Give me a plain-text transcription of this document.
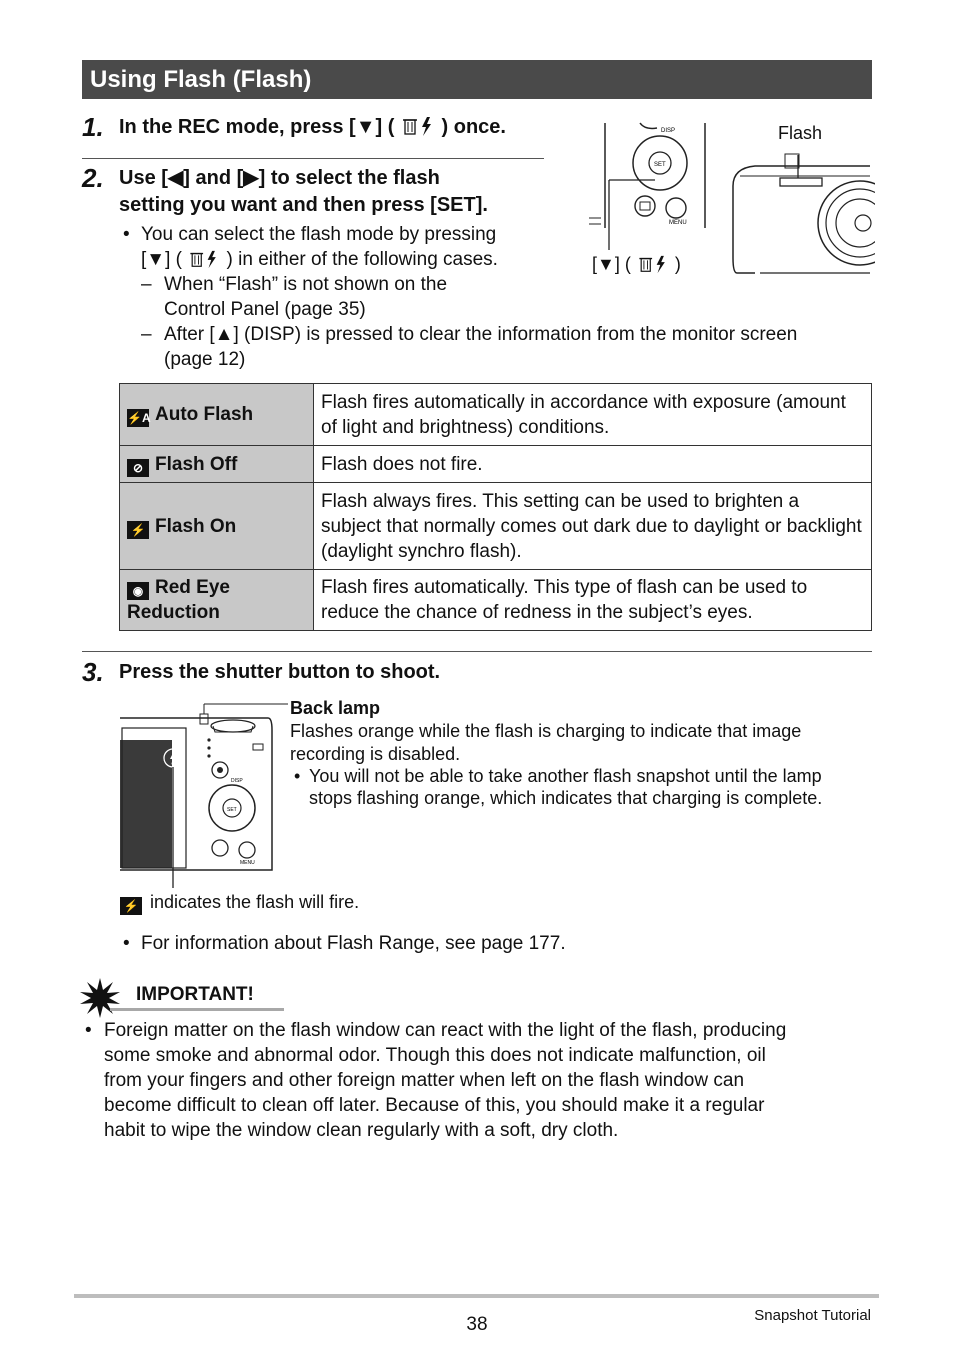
Using Flash (Flash)
1. In the REC mode, press [▼] ( ) once.
2. Use [◀] and [▶] to select the flash
setting you want and then press [SET].
• You can select the flash mode by pressing
[▼] ( ) in either of the following cases.
– When “Flash” is not shown on the
Control Panel (page 35)
– After [▲] (DISP) is pressed to clear the information from the monitor screen
(page 12)
DISP
SET
MENU
Flash
[▼] ( )
⚡A Auto Flash	Flash fires automatically in accordance with exposure (amount of light and brightness) conditions.
⊘ Flash Off	Flash does not fire.
⚡ Flash On	Flash always fires. This setting can be used to brighten a subject that normally comes out dark due to daylight or backlight (daylight synchro flash).
◉ Red Eye
Reduction	Flash fires automatically. This type of flash can be used to reduce the chance of redness in the subject’s eyes.
3. Press the shutter button to shoot.
SET
DISP
MENU
Back lamp
Flashes orange while the flash is charging to indicate that image
recording is disabled.
• You will not be able to take another flash snapshot until the lamp
stops flashing orange, which indicates that charging is complete.
⚡ indicates the flash will fire.
• For information about Flash Range, see page 177.
IMPORTANT!
• Foreign matter on the flash window can react with the light of the flash, producing
some smoke and abnormal odor. Though this does not indicate malfunction, oil
from your fingers and other foreign matter when left on the flash window can
become difficult to clean off later. Because of this, you should make it a regular
habit to wipe the window clean regularly with a soft, dry cloth.
38	Snapshot Tutorial
